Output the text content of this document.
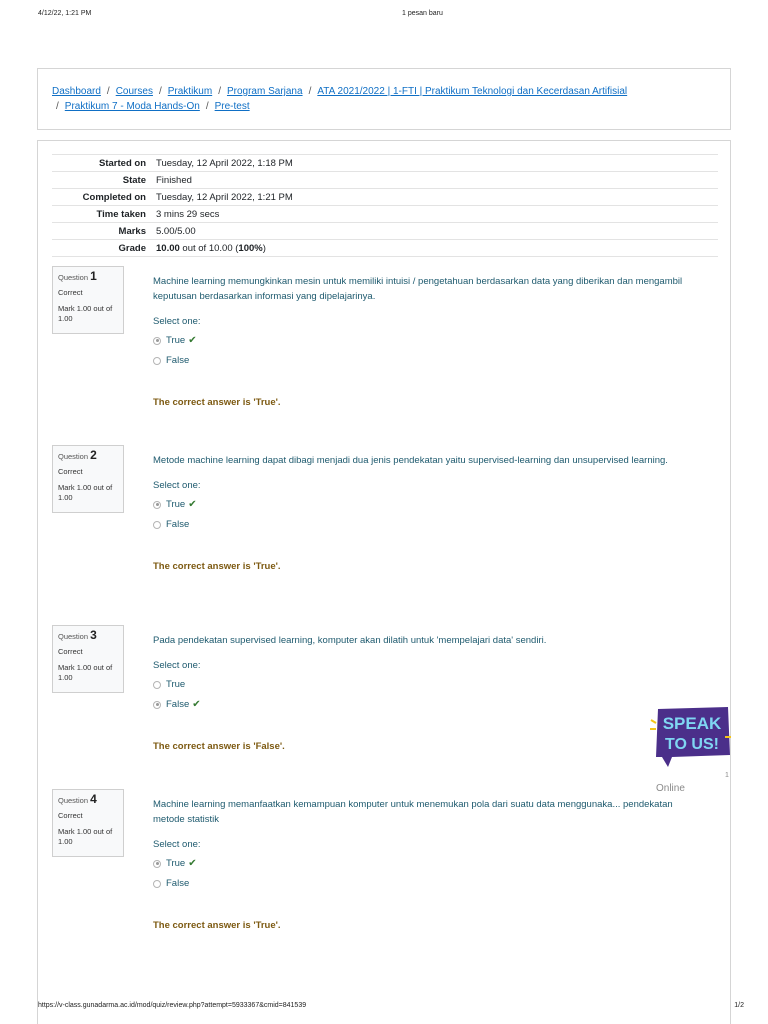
4/12/22, 1:21 PM	1 pesan baru
Dashboard / Courses / Praktikum / Program Sarjana / ATA 2021/2022 | 1-FTI | Praktikum Teknologi dan Kecerdasan Artifisial
/ Praktikum 7 - Moda Hands-On / Pre-test
Started on	Tuesday, 12 April 2022, 1:18 PM
State	Finished
Completed on	Tuesday, 12 April 2022, 1:21 PM
Time taken	3 mins 29 secs
Marks	5.00/5.00
Grade	10.00 out of 10.00 (100%)
Question 1
Correct
Mark 1.00 out of 1.00
Machine learning memungkinkan mesin untuk memiliki intuisi / pengetahuan berdasarkan data yang diberikan dan mengambil keputusan berdasarkan informasi yang dipelajarinya.
Select one:
True ✔
False
The correct answer is 'True'.
Question 2
Correct
Mark 1.00 out of 1.00
Metode machine learning dapat dibagi menjadi dua jenis pendekatan yaitu supervised-learning dan unsupervised learning.
Select one:
True ✔
False
The correct answer is 'True'.
Question 3
Correct
Mark 1.00 out of 1.00
Pada pendekatan supervised learning, komputer akan dilatih untuk 'mempelajari data' sendiri.
Select one:
True
False ✔
The correct answer is 'False'.
Question 4
Correct
Mark 1.00 out of 1.00
Machine learning memanfaatkan kemampuan komputer untuk menemukan pola dari suatu data menggunaka... pendekatan metode statistik
Select one:
True ✔
False
The correct answer is 'True'.
SPEAK
TO US!
1
Online
https://v-class.gunadarma.ac.id/mod/quiz/review.php?attempt=5933367&cmid=841539	1/2
